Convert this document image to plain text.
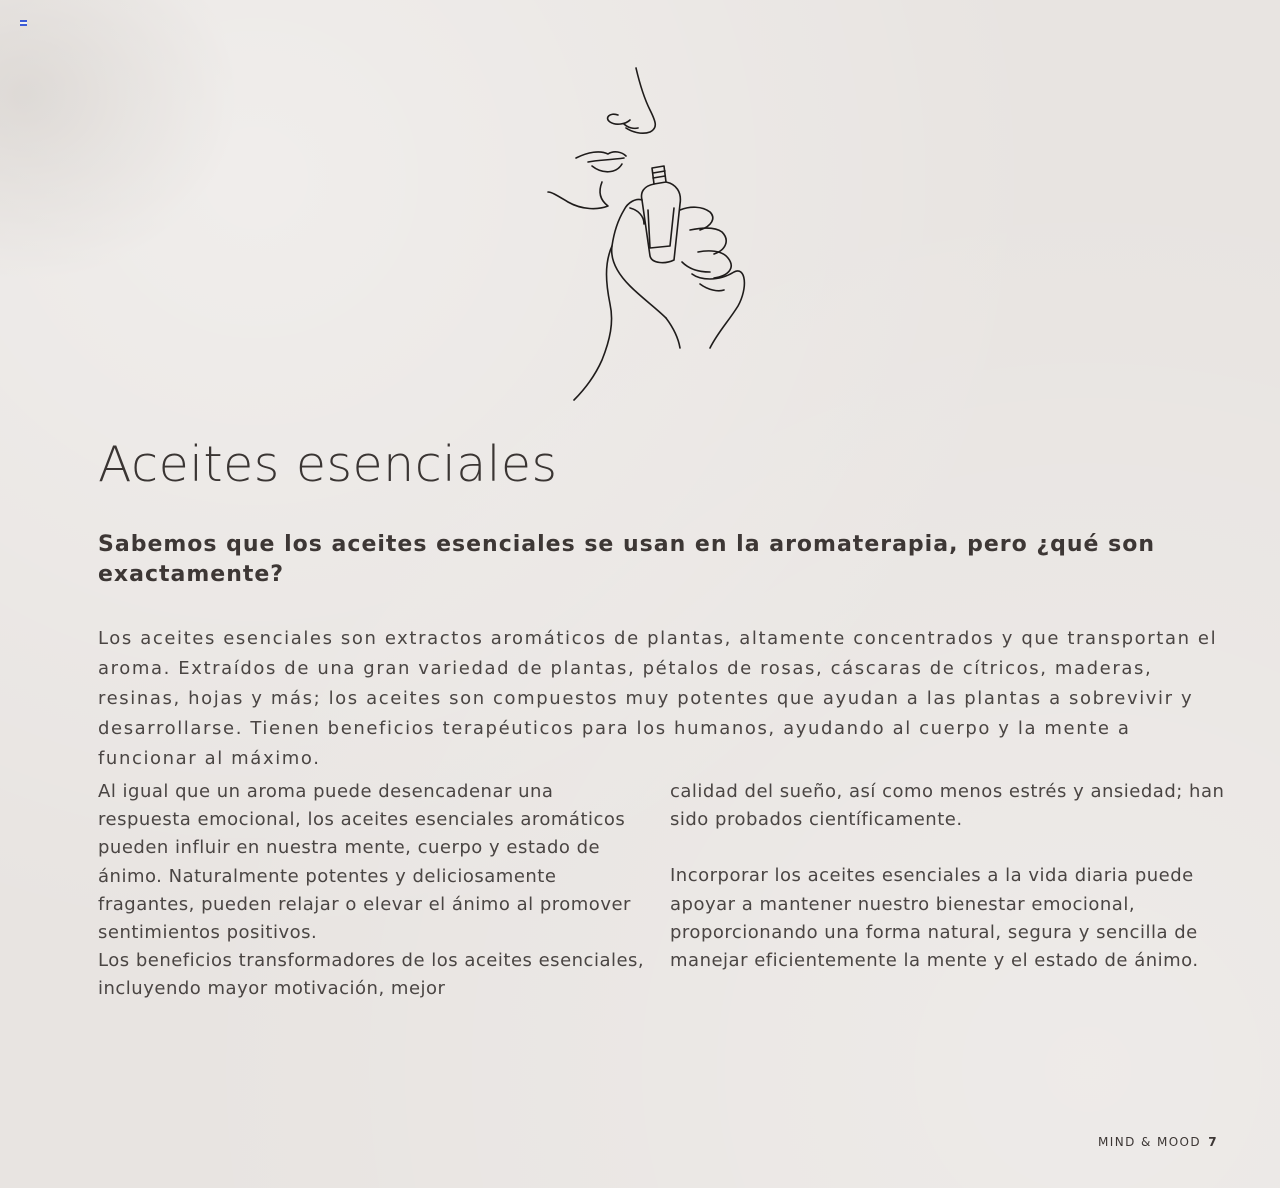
Aceites esenciales
Sabemos que los aceites esenciales se usan en la aromaterapia, pero ¿qué son exactamente?

Los aceites esenciales son extractos aromáticos de plantas, altamente concentrados y que transportan el aroma. Extraídos de una gran variedad de plantas, pétalos de rosas, cáscaras de cítricos, maderas, resinas, hojas y más; los aceites son compuestos muy potentes que ayudan a las plantas a sobrevivir y desarrollarse. Tienen beneficios terapéuticos para los humanos, ayudando al cuerpo y la mente a funcionar al máximo.

Al igual que un aroma puede desencadenar una respuesta emocional, los aceites esenciales aromáticos pueden influir en nuestra mente, cuerpo y estado de ánimo. Naturalmente potentes y deliciosamente fragantes, pueden relajar o elevar el ánimo al promover sentimientos positivos.

Los beneficios transformadores de los aceites esenciales, incluyendo mayor motivación, mejor

calidad del sueño, así como menos estrés y ansiedad; han sido probados científicamente.

Incorporar los aceites esenciales a la vida diaria puede apoyar a mantener nuestro bienestar emocional, proporcionando una forma natural, segura y sencilla de manejar eficientemente la mente y el estado de ánimo.

MIND & MOOD 7
